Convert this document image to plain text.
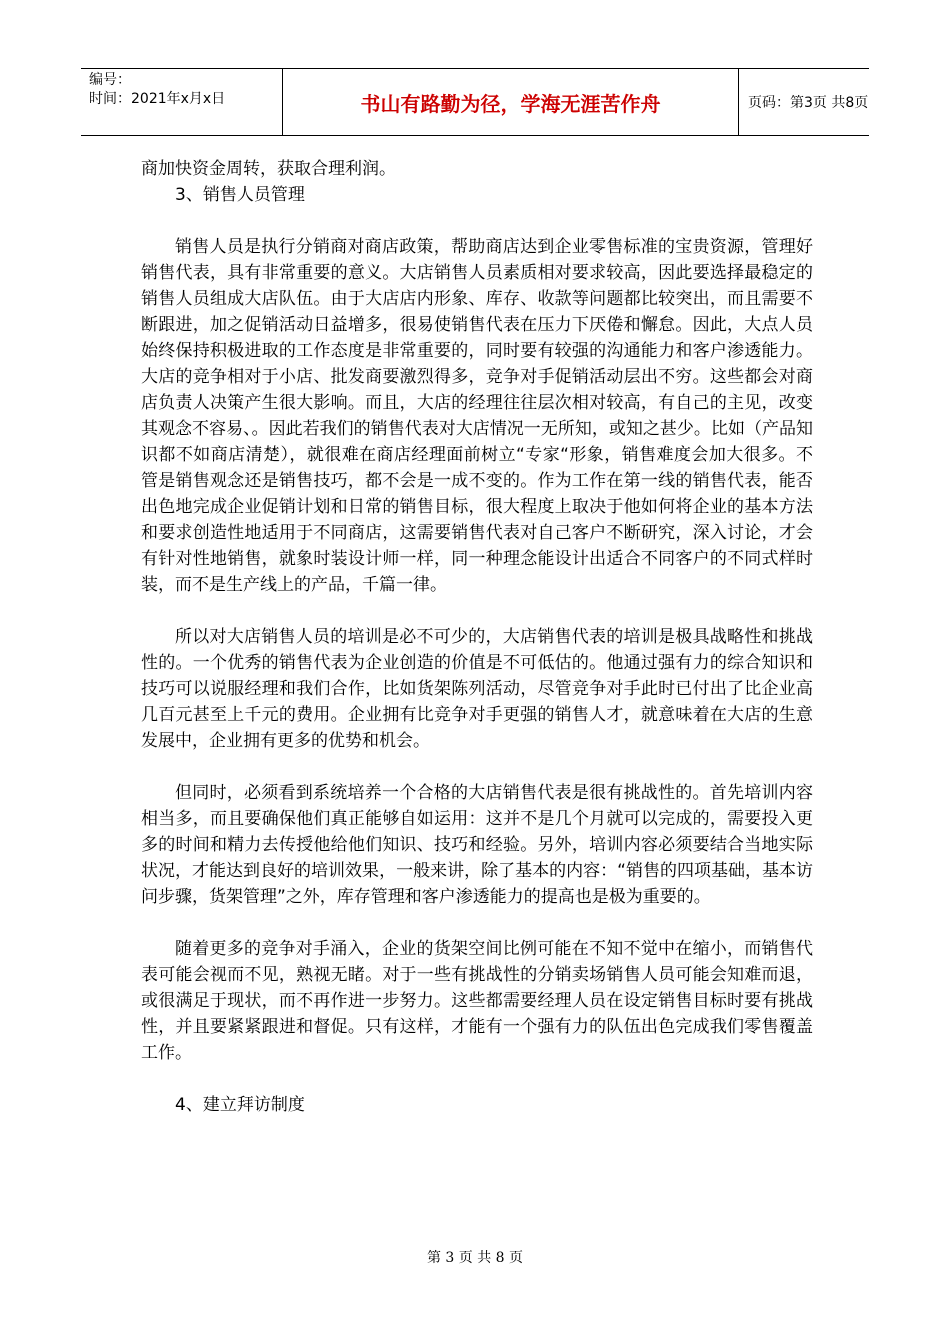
编号：
时间：2021年x月x日	书山有路勤为径，学海无涯苦作舟	页码：第3页 共8页

商加快资金周转，获取合理利润。

3、销售人员管理

销售人员是执行分销商对商店政策，帮助商店达到企业零售标准的宝贵资源，管理好销售代表，具有非常重要的意义。大店销售人员素质相对要求较高，因此要选择最稳定的销售人员组成大店队伍。由于大店店内形象、库存、收款等问题都比较突出，而且需要不断跟进，加之促销活动日益增多，很易使销售代表在压力下厌倦和懈怠。因此，大点人员始终保持积极进取的工作态度是非常重要的，同时要有较强的沟通能力和客户渗透能力。大店的竞争相对于小店、批发商要激烈得多，竞争对手促销活动层出不穷。这些都会对商店负责人决策产生很大影响。而且，大店的经理往往层次相对较高，有自己的主见，改变其观念不容易、。因此若我们的销售代表对大店情况一无所知，或知之甚少。比如（产品知识都不如商店清楚），就很难在商店经理面前树立“专家“形象，销售难度会加大很多。不管是销售观念还是销售技巧，都不会是一成不变的。作为工作在第一线的销售代表，能否出色地完成企业促销计划和日常的销售目标，很大程度上取决于他如何将企业的基本方法和要求创造性地适用于不同商店，这需要销售代表对自己客户不断研究，深入讨论，才会有针对性地销售，就象时装设计师一样，同一种理念能设计出适合不同客户的不同式样时装，而不是生产线上的产品，千篇一律。

所以对大店销售人员的培训是必不可少的，大店销售代表的培训是极具战略性和挑战性的。一个优秀的销售代表为企业创造的价值是不可低估的。他通过强有力的综合知识和技巧可以说服经理和我们合作，比如货架陈列活动，尽管竞争对手此时已付出了比企业高几百元甚至上千元的费用。企业拥有比竞争对手更强的销售人才，就意味着在大店的生意发展中，企业拥有更多的优势和机会。

但同时，必须看到系统培养一个合格的大店销售代表是很有挑战性的。首先培训内容相当多，而且要确保他们真正能够自如运用：这并不是几个月就可以完成的，需要投入更多的时间和精力去传授他给他们知识、技巧和经验。另外，培训内容必须要结合当地实际状况，才能达到良好的培训效果，一般来讲，除了基本的内容：“销售的四项基础，基本访问步骤，货架管理”之外，库存管理和客户渗透能力的提高也是极为重要的。

随着更多的竞争对手涌入，企业的货架空间比例可能在不知不觉中在缩小，而销售代表可能会视而不见，熟视无睹。对于一些有挑战性的分销卖场销售人员可能会知难而退，或很满足于现状，而不再作进一步努力。这些都需要经理人员在设定销售目标时要有挑战性，并且要紧紧跟进和督促。只有这样，才能有一个强有力的队伍出色完成我们零售覆盖工作。

4、建立拜访制度

第 3 页 共 8 页
